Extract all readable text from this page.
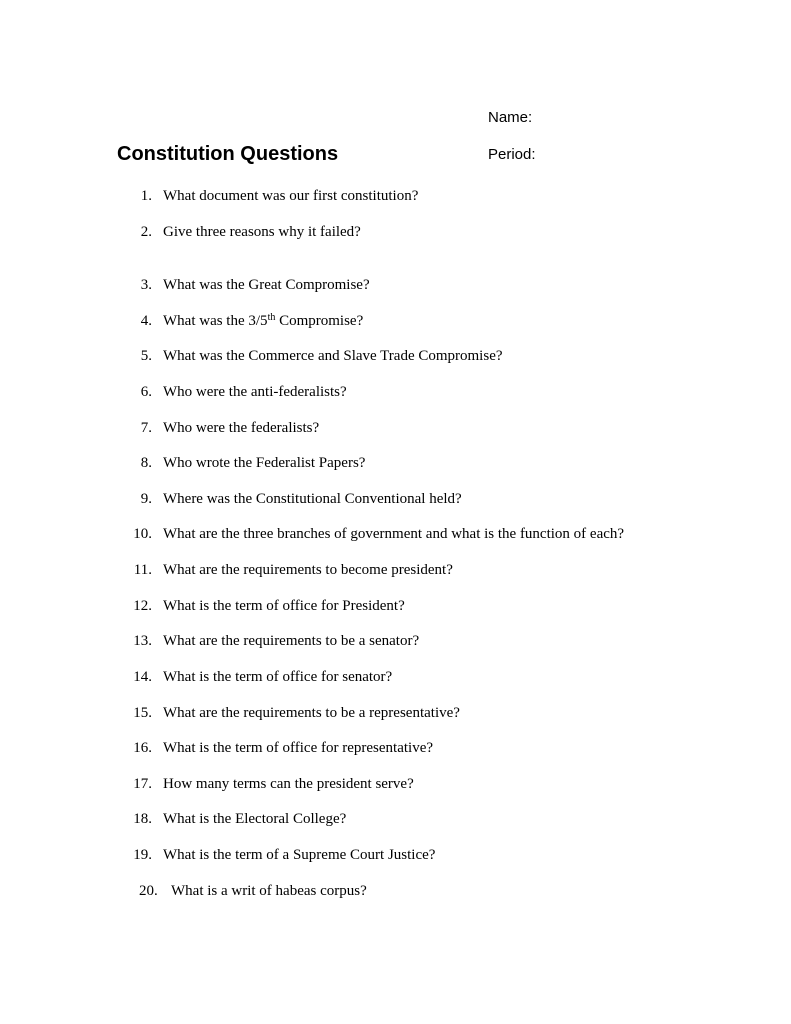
Name:
Constitution Questions	Period:
1. What document was our first constitution?
2. Give three reasons why it failed?
3. What was the Great Compromise?
4. What was the 3/5th Compromise?
5. What was the Commerce and Slave Trade Compromise?
6. Who were the anti-federalists?
7. Who were the federalists?
8. Who wrote the Federalist Papers?
9. Where was the Constitutional Conventional held?
10. What are the three branches of government and what is the function of each?
11. What are the requirements to become president?
12. What is the term of office for President?
13. What are the requirements to be a senator?
14. What is the term of office for senator?
15. What are the requirements to be a representative?
16. What is the term of office for representative?
17. How many terms can the president serve?
18. What is the Electoral College?
19. What is the term of a Supreme Court Justice?
20. What is a writ of habeas corpus?
